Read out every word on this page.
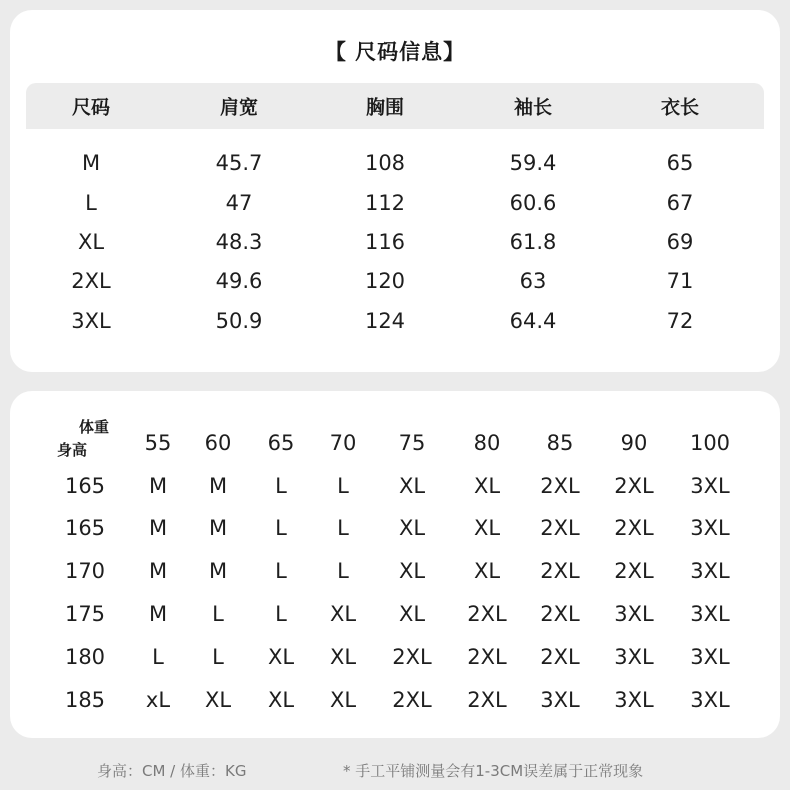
【 尺码信息】
尺码	肩宽	胸围	袖长	衣长
M	45.7	108	59.4	65
L	47	112	60.6	67
XL	48.3	116	61.8	69
2XL	49.6	120	63	71
3XL	50.9	124	64.4	72
体重
身高	55 60 65 70 75 80 85 90 100
165 M M L L XL XL 2XL 2XL 3XL
165 M M L L XL XL 2XL 2XL 3XL
170 M M L L XL XL 2XL 2XL 3XL
175 M L L XL XL 2XL 2XL 3XL 3XL
180 L L XL XL 2XL 2XL 2XL 3XL 3XL
185 xL XL XL XL 2XL 2XL 3XL 3XL 3XL
身高：CM / 体重：KG	* 手工平铺测量会有1-3CM误差属于正常现象
